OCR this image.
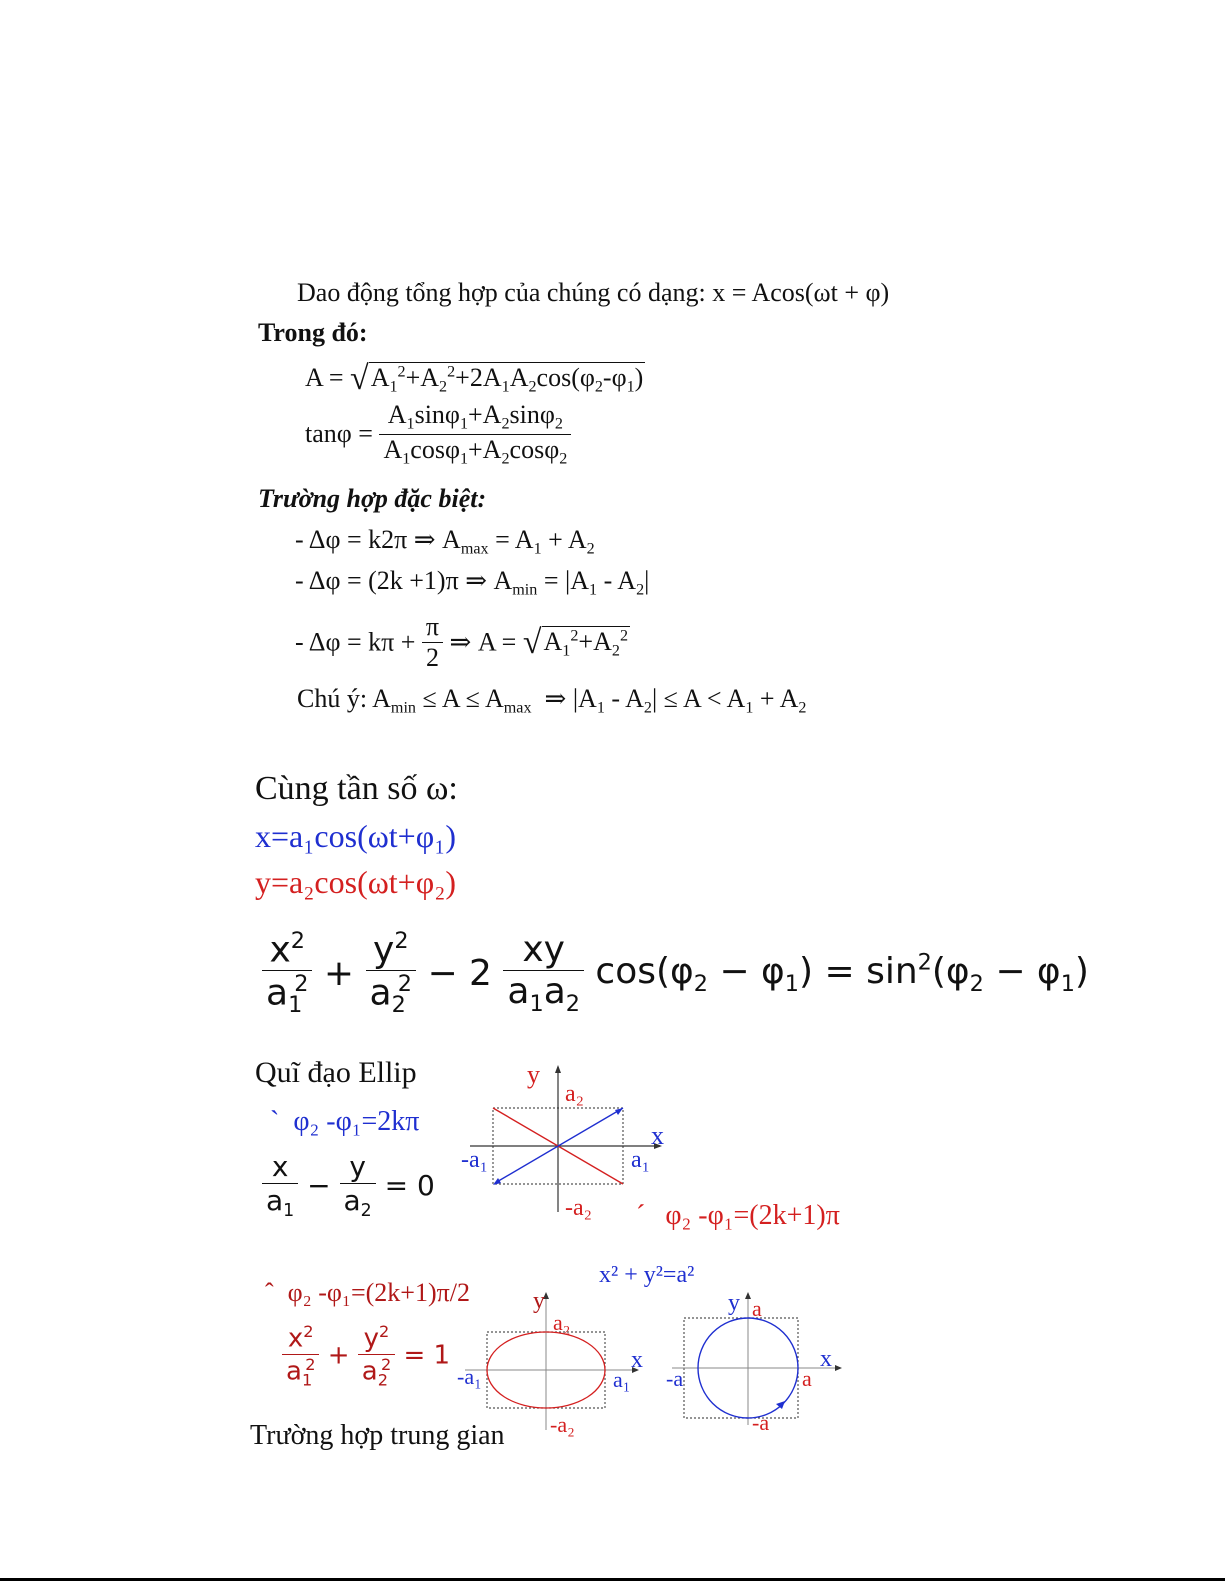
Dao động tổng hợp của chúng có dạng: x = Acos(ωt + φ)
Trong đó:
$A = √A_1^2+A_2^2+2A_1A_2\cos(\varphi_2-\varphi_1)$
$\tan\varphi = \frac{A_1\sin\varphi_1+A_2\sin\varphi_2}{A_1\cos\varphi_1+A_2\cos\varphi_2}$
Trường hợp đặc biệt:
- Δφ = k2π ⇒ $A_{max} = A_1 + A_2$
- Δφ = (2k +1)π ⇒ $A_{min} = |A_1 - A_2|$
- $\Delta\varphi = k\pi + \frac{\pi}{2}$ ⇒ $A = √A_1^2+A_2^2$
Chú ý: $A_{min} \le A \le A_{max}$  ⇒ $|A_1 - A_2| \le A < A_1 + A_2$
Cùng tần số ω:
x=a₁cos(ωt+φ₁)
y=a₂cos(ωt+φ₂)
$\frac{x^2}{a_1^2} + \frac{y^2}{a_2^2} - 2 \frac{xy}{a_1a_2} \cos(\varphi_2 - \varphi_1) = \sin^2(\varphi_2 - \varphi_1)$
Quĩ đạo Ellip
` φ₂ -φ₁=2kπ
$\frac{x}{a_1} - \frac{y}{a_2} = 0$
´ φ₂ -φ₁=(2k+1)π
x² + y²=a²
ˆ φ₂ -φ₁=(2k+1)π/2
$\frac{x^2}{a_1^2} + \frac{y^2}{a_2^2} = 1$
Trường hợp trung gian
y
a₂
x
-a₁	a₁
-a₂
y
a₂
x
-a₁	a₁
-a₂
y a
x
-a	a
-a
